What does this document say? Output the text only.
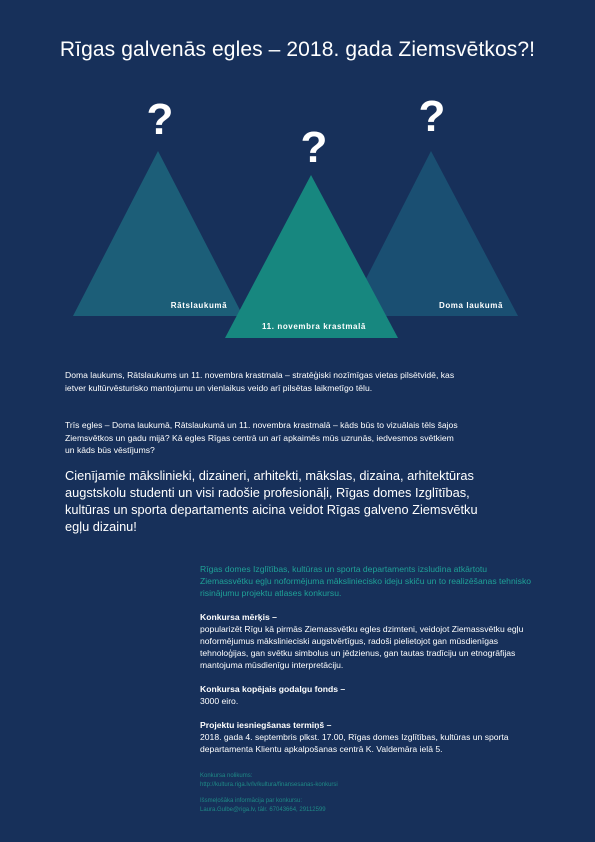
Rīgas galvenās egles – 2018. gada Ziemsvētkos?!
?
?
?
Rātslaukumā
11. novembra krastmalā
Doma laukumā
Doma laukums, Rātslaukums un 11. novembra krastmala – stratēģiski nozīmīgas vietas pilsētvidē, kas ietver kultūrvēsturisko mantojumu un vienlaikus veido arī pilsētas laikmetīgo tēlu.
Trīs egles – Doma laukumā, Rātslaukumā un 11. novembra krastmalā – kāds būs to vizuālais tēls šajos Ziemsvētkos un gadu mijā? Kā egles Rīgas centrā un arī apkaimēs mūs uzrunās, iedvesmos svētkiem un kāds būs vēstījums?
Cienījamie mākslinieki, dizaineri, arhitekti, mākslas, dizaina, arhitektūras augstskolu studenti un visi radošie profesionāļi, Rīgas domes Izglītības, kultūras un sporta departaments aicina veidot Rīgas galveno Ziemsvētku egļu dizainu!
Rīgas domes Izglītības, kultūras un sporta departaments izsludina atkārtotu Ziemassvētku egļu noformējuma māksliniecisko ideju skiču un to realizēšanas tehnisko risinājumu projektu atlases konkursu.
Konkursa mērķis –
popularizēt Rīgu kā pirmās Ziemassvētku egles dzimteni, veidojot Ziemassvētku egļu noformējumus mākslinieciski augstvērtīgus, radoši pielietojot gan mūsdienīgas tehnoloģijas, gan svētku simbolus un jēdzienus, gan tautas tradīciju un etnogrāfijas mantojuma mūsdienīgu interpretāciju.
Konkursa kopējais godalgu fonds –
3000 eiro.
Projektu iesniegšanas termiņš –
2018. gada 4. septembris plkst. 17.00, Rīgas domes Izglītības, kultūras un sporta departamenta Klientu apkalpošanas centrā K. Valdemāra ielā 5.
Konkursa nolikums:
http://kultura.riga.lv/lv/kultura/finansesanas-konkursi
Išsmeļošāka informācija par konkursu:
Laura.Gulbe@riga.lv, tālr. 67043664, 29112599
